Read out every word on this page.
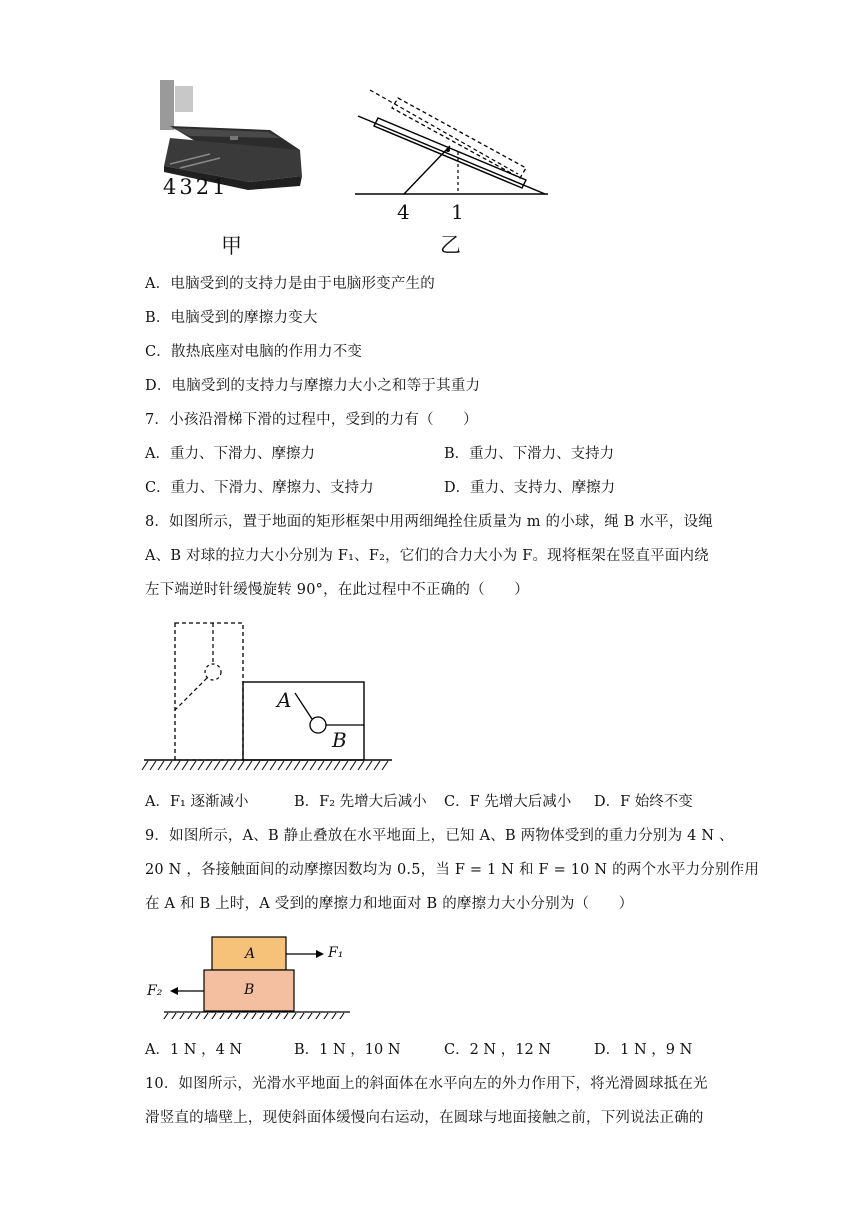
4321
甲
4 1
乙
A．电脑受到的支持力是由于电脑形变产生的
B．电脑受到的摩擦力变大
C．散热底座对电脑的作用力不变
D．电脑受到的支持力与摩擦力大小之和等于其重力
7．小孩沿滑梯下滑的过程中，受到的力有（　　）
A．重力、下滑力、摩擦力	B．重力、下滑力、支持力
C．重力、下滑力、摩擦力、支持力	D．重力、支持力、摩擦力
8．如图所示，置于地面的矩形框架中用两细绳拴住质量为 m 的小球，绳 B 水平，设绳
A、B 对球的拉力大小分别为 F₁、F₂，它们的合力大小为 F。现将框架在竖直平面内绕
左下端逆时针缓慢旋转 90°，在此过程中不正确的（　　）
A
B
A．F₁ 逐渐减小	B．F₂ 先增大后减小 C．F 先增大后减小 D．F 始终不变
9．如图所示，A、B 静止叠放在水平地面上，已知 A、B 两物体受到的重力分别为 4 N 、
20 N ，各接触面间的动摩擦因数均为 0.5，当 F = 1 N 和 F = 10 N 的两个水平力分别作用
在 A 和 B 上时，A 受到的摩擦力和地面对 B 的摩擦力大小分别为（　　）
A
B
F₁
F₂
A．1 N ，4 N	B．1 N ，10 N	C．2 N ，12 N	D．1 N ，9 N
10．如图所示，光滑水平地面上的斜面体在水平向左的外力作用下，将光滑圆球抵在光
滑竖直的墙壁上，现使斜面体缓慢向右运动，在圆球与地面接触之前，下列说法正确的
